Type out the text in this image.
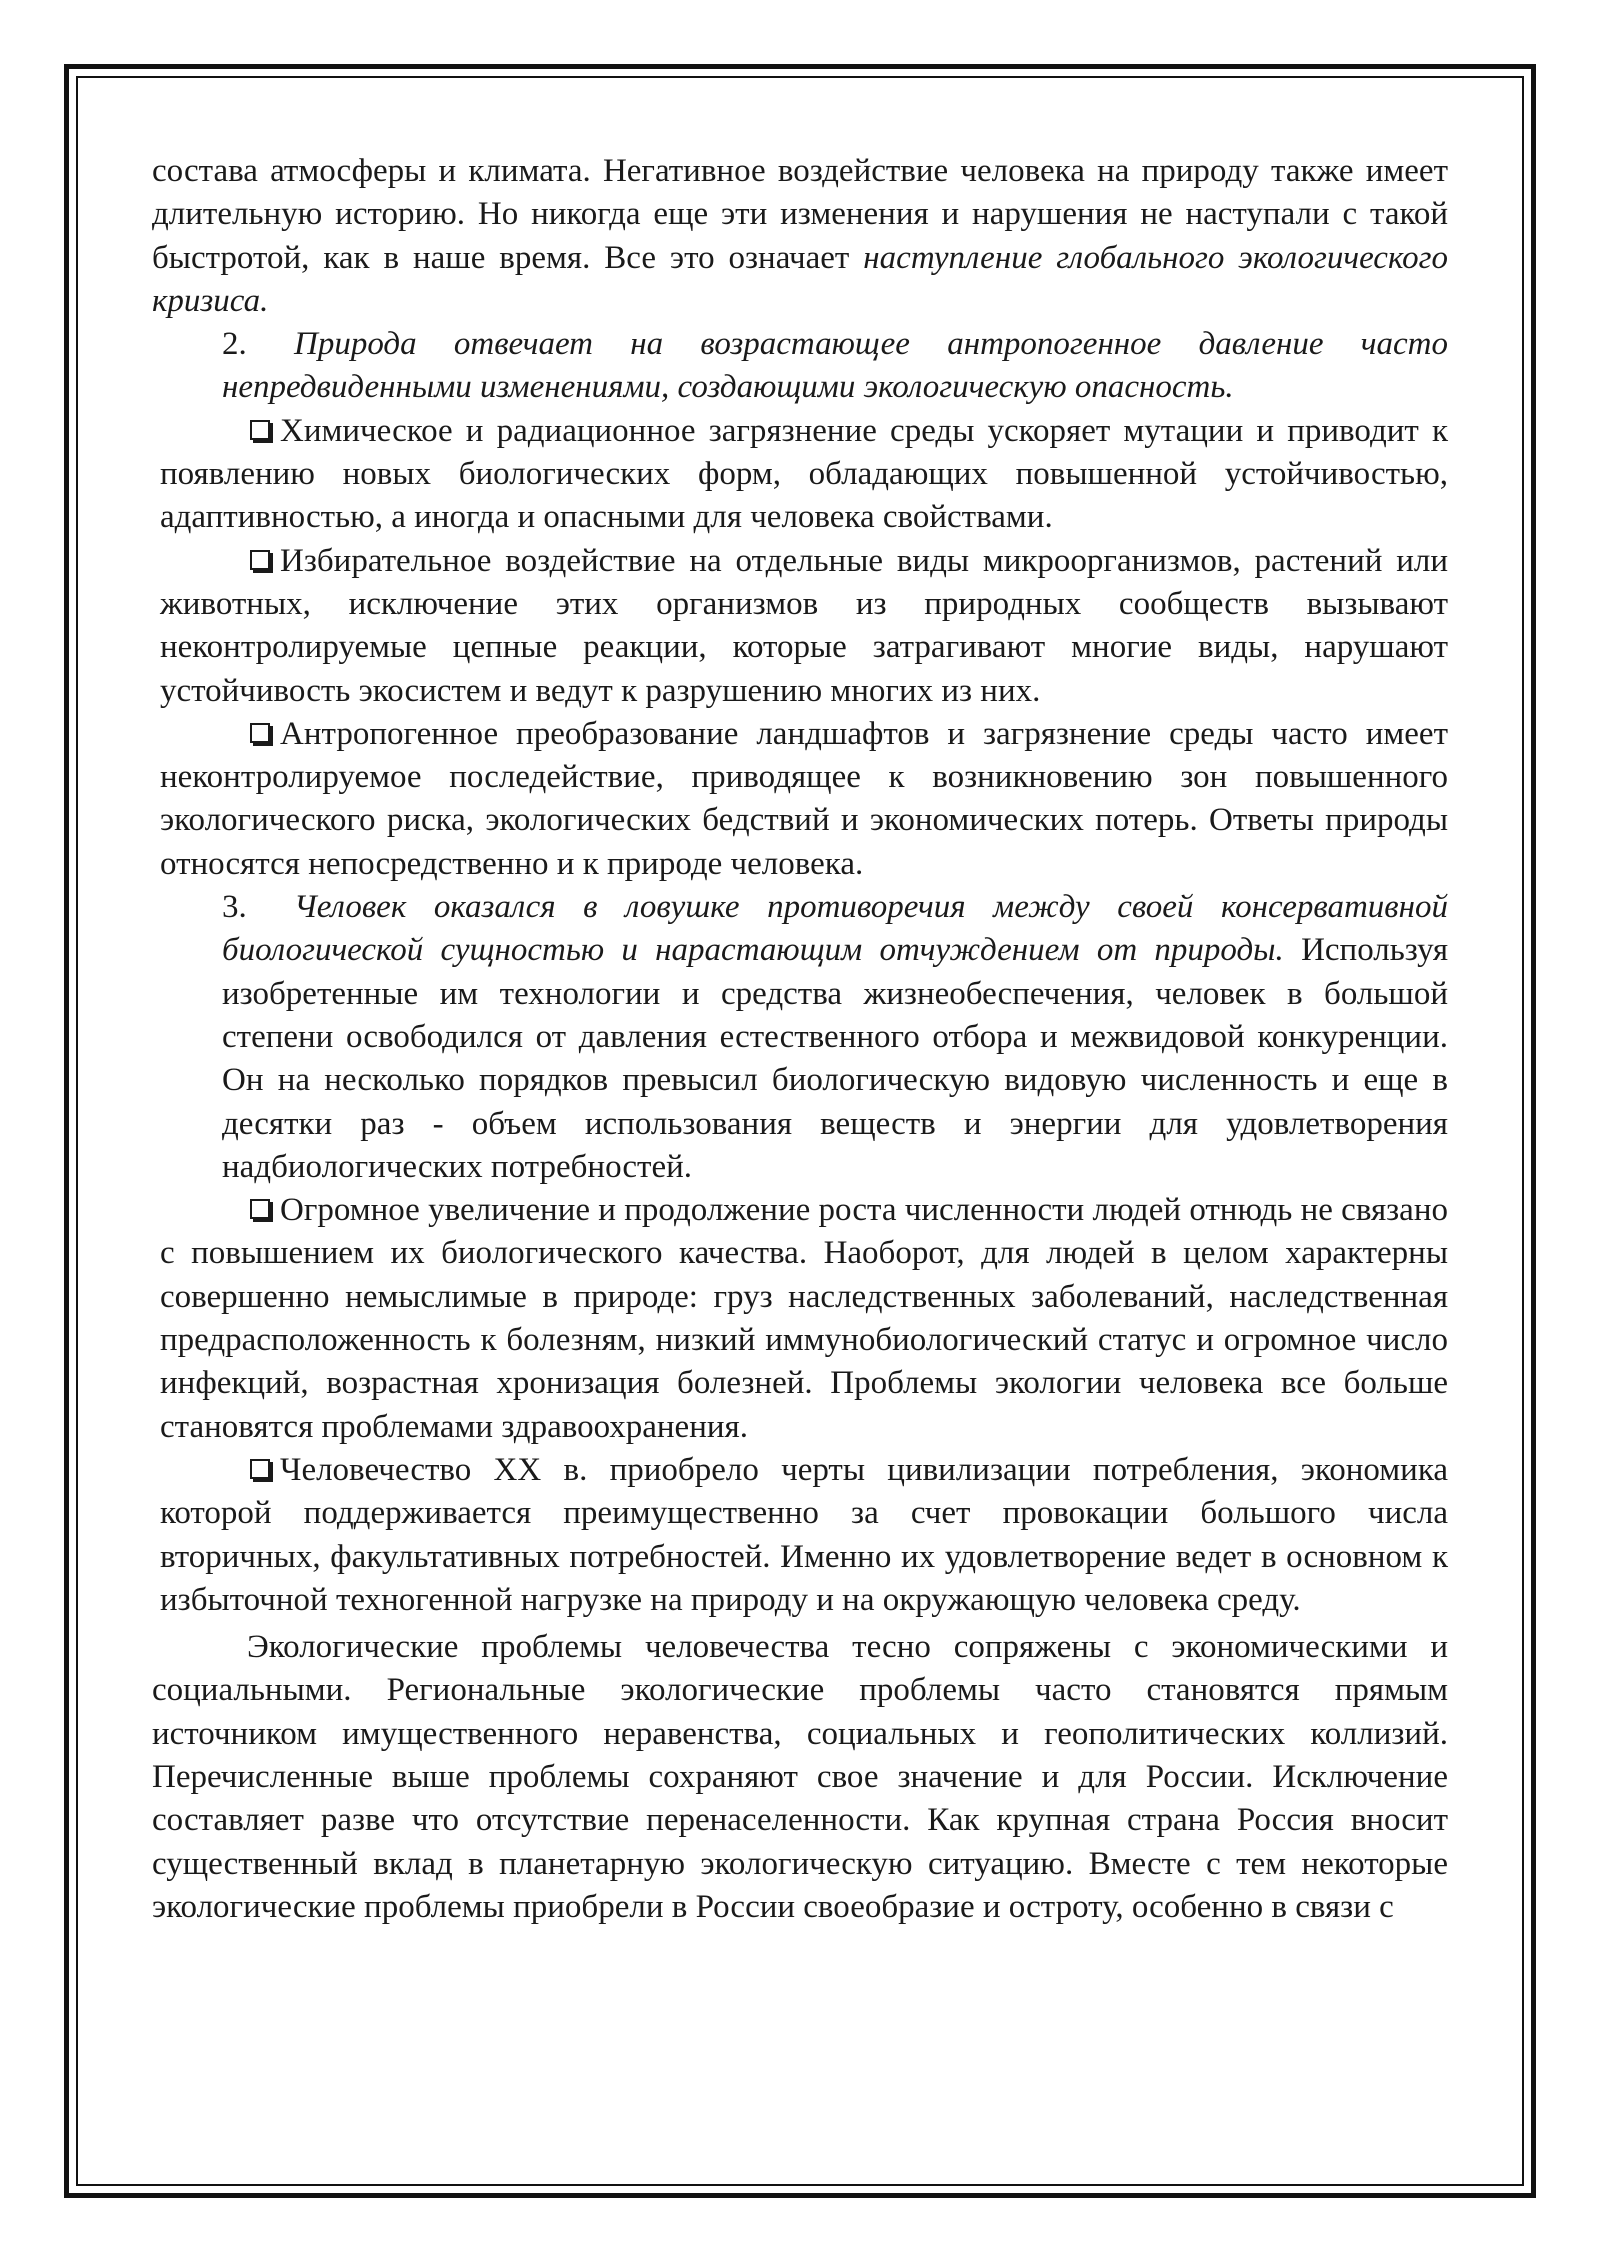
состава атмосферы и климата. Негативное воздействие человека на природу также имеет длительную историю. Но никогда еще эти изменения и нарушения не наступали с такой быстротой, как в наше время. Все это означает наступление глобального экологического кризиса.

2. Природа отвечает на возрастающее антропогенное давление часто непредвиденными изменениями, создающими экологическую опасность.

Химическое и радиационное загрязнение среды ускоряет мутации и приводит к появлению новых биологических форм, обладающих повышенной устойчивостью, адаптивностью, а иногда и опасными для человека свойствами.

Избирательное воздействие на отдельные виды микроорганизмов, растений или животных, исключение этих организмов из природных сообществ вызывают неконтролируемые цепные реакции, которые затрагивают многие виды, нарушают устойчивость экосистем и ведут к разрушению многих из них.

Антропогенное преобразование ландшафтов и загрязнение среды часто имеет неконтролируемое последействие, приводящее к возникновению зон повышенного экологического риска, экологических бедствий и экономических потерь. Ответы природы относятся непосредственно и к природе человека.

3. Человек оказался в ловушке противоречия между своей консервативной биологической сущностью и нарастающим отчуждением от природы. Используя изобретенные им технологии и средства жизнеобеспечения, человек в большой степени освободился от давления естественного отбора и межвидовой конкуренции. Он на несколько порядков превысил биологическую видовую численность и еще в десятки раз - объем использования веществ и энергии для удовлетворения надбиологических потребностей.

Огромное увеличение и продолжение роста численности людей отнюдь не связано с повышением их биологического качества. Наоборот, для людей в целом характерны совершенно немыслимые в природе: груз наследственных заболеваний, наследственная предрасположенность к болезням, низкий иммунобиологический статус и огромное число инфекций, возрастная хронизация болезней. Проблемы экологии человека все больше становятся проблемами здравоохранения.

Человечество XX в. приобрело черты цивилизации потребления, экономика которой поддерживается преимущественно за счет провокации большого числа вторичных, факультативных потребностей. Именно их удовлетворение ведет в основном к избыточной техногенной нагрузке на природу и на окружающую человека среду.

Экологические проблемы человечества тесно сопряжены с экономическими и социальными. Региональные экологические проблемы часто становятся прямым источником имущественного неравенства, социальных и геополитических коллизий. Перечисленные выше проблемы сохраняют свое значение и для России. Исключение составляет разве что отсутствие перенаселенности. Как крупная страна Россия вносит существенный вклад в планетарную экологическую ситуацию. Вместе с тем некоторые экологические проблемы приобрели в России своеобразие и остроту, особенно в связи с
